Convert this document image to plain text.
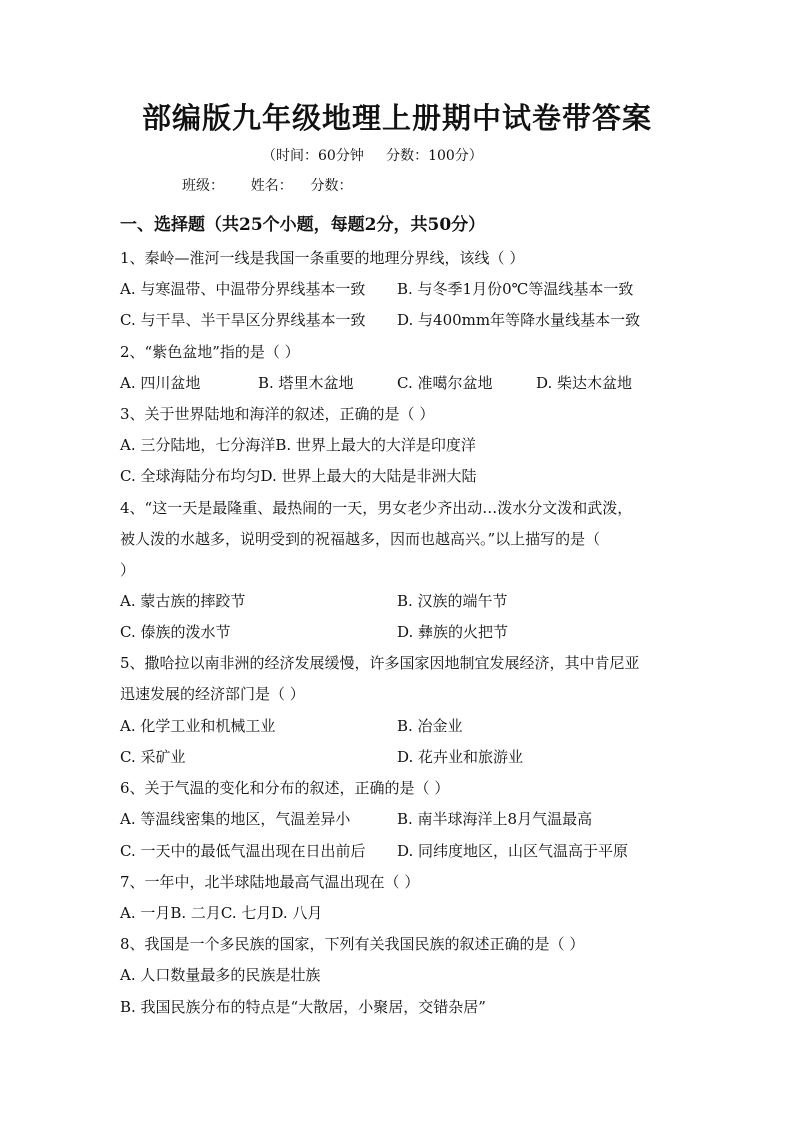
部编版九年级地理上册期中试卷带答案
（时间：60分钟     分数：100分）
班级：      姓名：    分数：
一、选择题（共25个小题，每题2分，共50分）
1、秦岭—淮河一线是我国一条重要的地理分界线，该线（ ）
A. 与寒温带、中温带分界线基本一致 B. 与冬季1月份0℃等温线基本一致
C. 与干旱、半干旱区分界线基本一致 D. 与400mm年等降水量线基本一致
2、“紫色盆地”指的是（ ）
A. 四川盆地	B. 塔里木盆地	C. 准噶尔盆地	D. 柴达木盆地
3、关于世界陆地和海洋的叙述，正确的是（ ）
A. 三分陆地，七分海洋B. 世界上最大的大洋是印度洋
C. 全球海陆分布均匀D. 世界上最大的大陆是非洲大陆
4、“这一天是最隆重、最热闹的一天，男女老少齐出动…泼水分文泼和武泼，
被人泼的水越多，说明受到的祝福越多，因而也越高兴。”以上描写的是（
）
A. 蒙古族的摔跤节	B. 汉族的端午节
C. 傣族的泼水节	D. 彝族的火把节
5、撒哈拉以南非洲的经济发展缓慢，许多国家因地制宜发展经济，其中肯尼亚
迅速发展的经济部门是（ ）
A. 化学工业和机械工业	B. 冶金业
C. 采矿业	D. 花卉业和旅游业
6、关于气温的变化和分布的叙述，正确的是（ ）
A. 等温线密集的地区，气温差异小	B. 南半球海洋上8月气温最高
C. 一天中的最低气温出现在日出前后 D. 同纬度地区，山区气温高于平原
7、一年中，北半球陆地最高气温出现在（ ）
A. 一月B. 二月C. 七月D. 八月
8、我国是一个多民族的国家，下列有关我国民族的叙述正确的是（ ）
A. 人口数量最多的民族是壮族
B. 我国民族分布的特点是“大散居，小聚居，交错杂居”
